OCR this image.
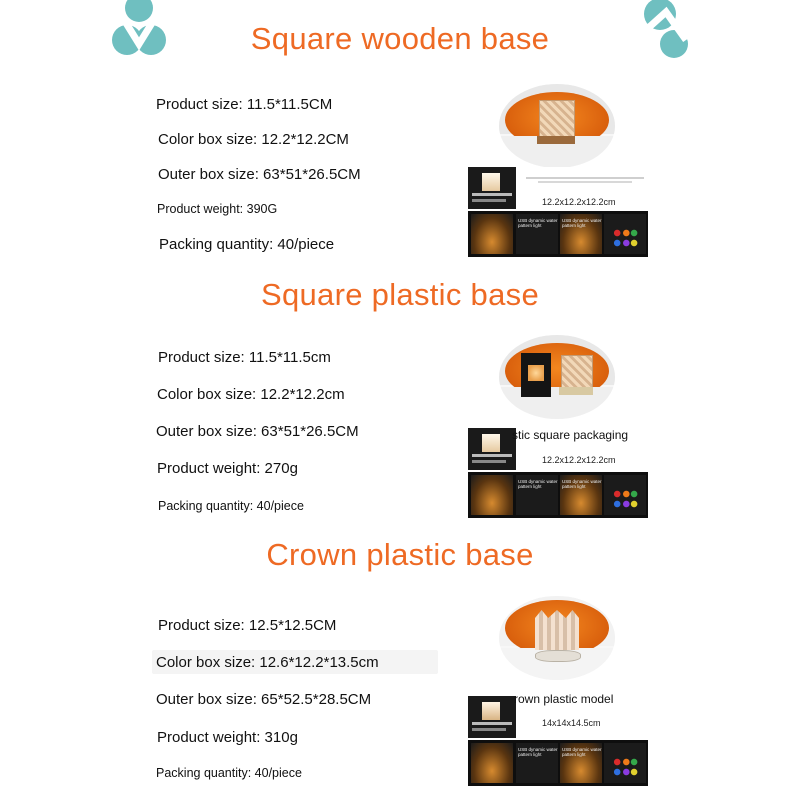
Square wooden base
Product size: 11.5*11.5CM
Color box size: 12.2*12.2CM
Outer box size: 63*51*26.5CM
Product weight: 390G
Packing quantity: 40/piece
USB dynamic water pattern light
USB dynamic water pattern light
12.2x12.2x12.2cm
Square plastic base
Product size: 11.5*11.5cm
Color box size: 12.2*12.2cm
Outer box size: 63*51*26.5CM
Product weight: 270g
Packing quantity: 40/piece
USB dynamic water pattern light
USB dynamic water pattern light
stic square packaging
12.2x12.2x12.2cm
Crown plastic base
Product size: 12.5*12.5CM
Color box size: 12.6*12.2*13.5cm
Outer box size: 65*52.5*28.5CM
Product weight: 310g
Packing quantity: 40/piece
USB dynamic water pattern light
USB dynamic water pattern light
rown plastic model
14x14x14.5cm
